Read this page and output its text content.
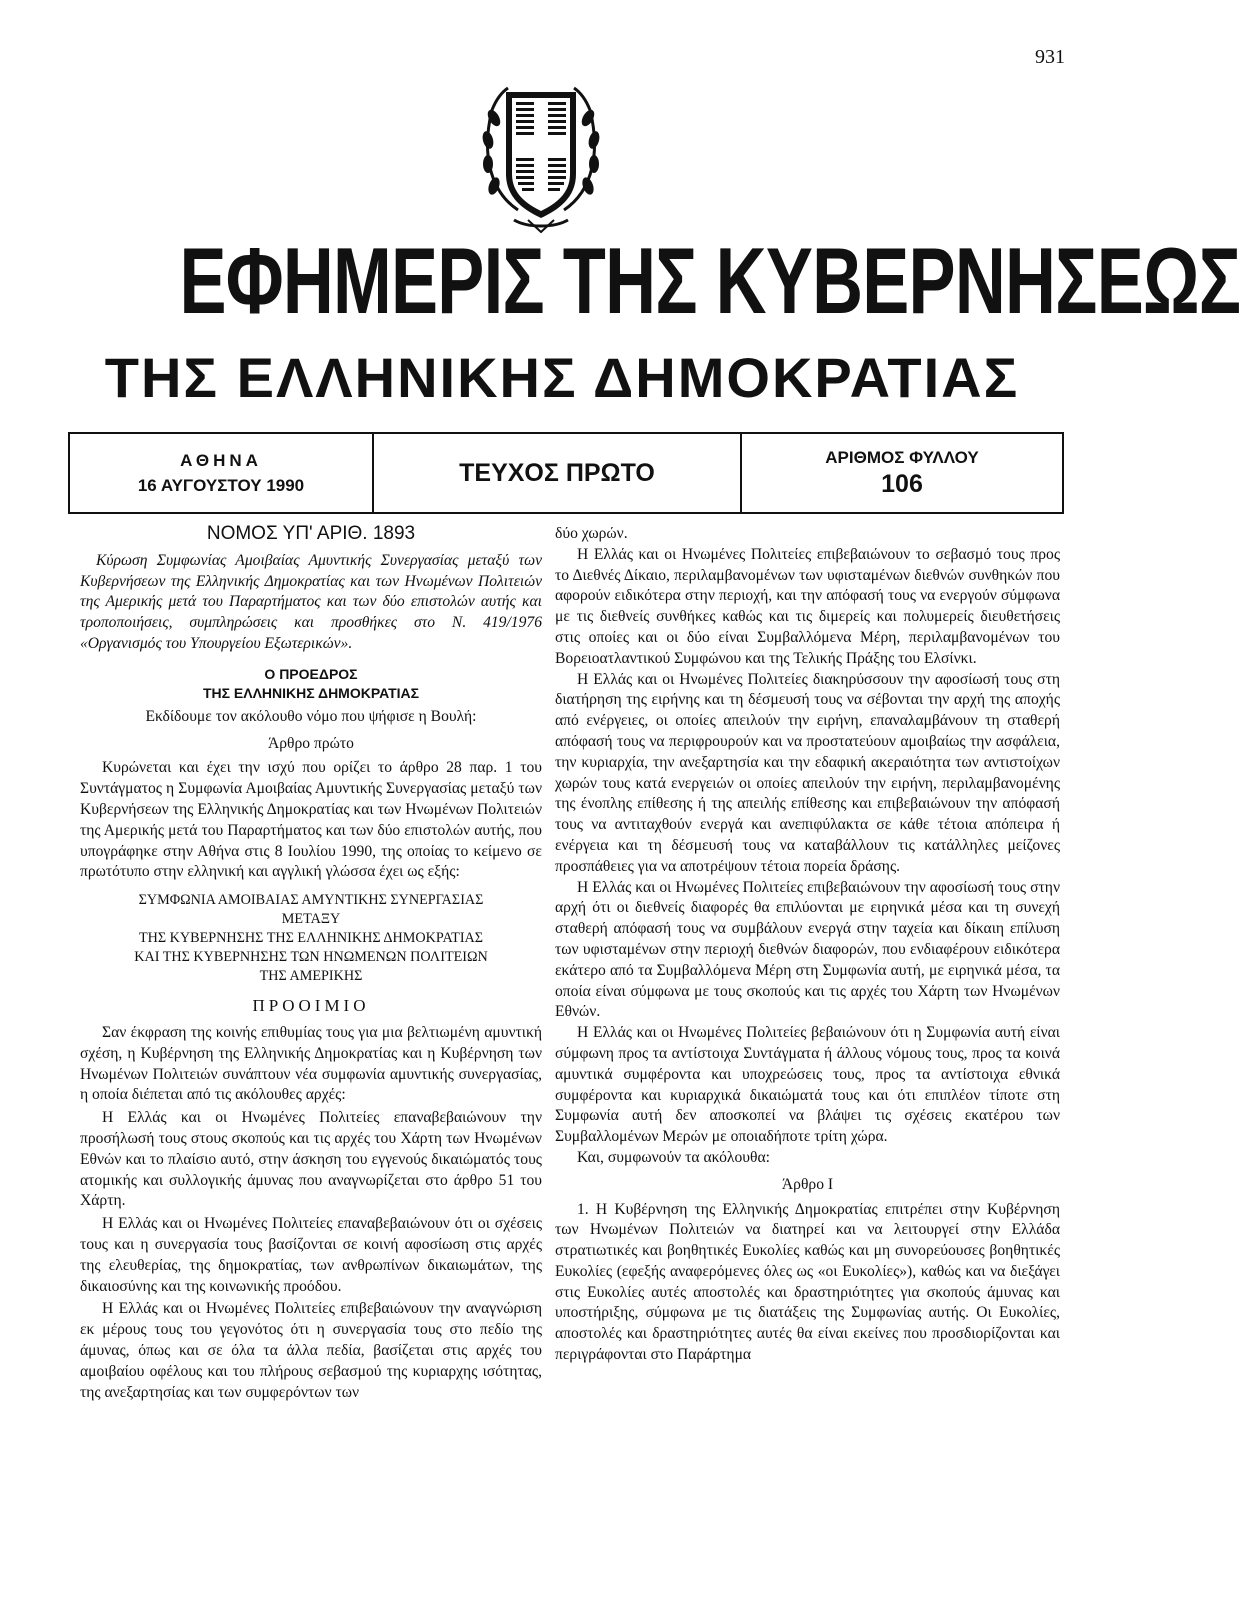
931
ΕΦΗΜΕΡΙΣ ΤΗΣ ΚΥΒΕΡΝΗΣΕΩΣ
ΤΗΣ ΕΛΛΗΝΙΚΗΣ ΔΗΜΟΚΡΑΤΙΑΣ
ΑΘΗΝΑ
16 ΑΥΓΟΥΣΤΟΥ 1990	ΤΕΥΧΟΣ ΠΡΩΤΟ
ΑΡΙΘΜΟΣ ΦΥΛΛΟΥ
106
ΝΟΜΟΣ ΥΠ' ΑΡΙΘ. 1893
Κύρωση Συμφωνίας Αμοιβαίας Αμυντικής Συνεργασίας μεταξύ των Κυβερνήσεων της Ελληνικής Δημοκρατίας και των Ηνωμένων Πολιτειών της Αμερικής μετά του Παραρτήματος και των δύο επιστολών αυτής και τροποποιήσεις, συμπληρώσεις και προσθήκες στο Ν. 419/1976 «Οργανισμός του Υπουργείου Εξωτερικών».
Ο ΠΡΟΕΔΡΟΣ
ΤΗΣ ΕΛΛΗΝΙΚΗΣ ΔΗΜΟΚΡΑΤΙΑΣ

Εκδίδουμε τον ακόλουθο νόμο που ψήφισε η Βουλή:

Άρθρο πρώτο

Κυρώνεται και έχει την ισχύ που ορίζει το άρθρο 28 παρ. 1 του Συντάγματος η Συμφωνία Αμοιβαίας Αμυντικής Συνεργασίας μεταξύ των Κυβερνήσεων της Ελληνικής Δημοκρατίας και των Ηνωμένων Πολιτειών της Αμερικής μετά του Παραρτήματος και των δύο επιστολών αυτής, που υπογράφηκε στην Αθήνα στις 8 Ιουλίου 1990, της οποίας το κείμενο σε πρωτότυπο στην ελληνική και αγγλική γλώσσα έχει ως εξής:

ΣΥΜΦΩΝΙΑ ΑΜΟΙΒΑΙΑΣ ΑΜΥΝΤΙΚΗΣ ΣΥΝΕΡΓΑΣΙΑΣ
ΜΕΤΑΞΥ
ΤΗΣ ΚΥΒΕΡΝΗΣΗΣ ΤΗΣ ΕΛΛΗΝΙΚΗΣ ΔΗΜΟΚΡΑΤΙΑΣ
ΚΑΙ ΤΗΣ ΚΥΒΕΡΝΗΣΗΣ ΤΩΝ ΗΝΩΜΕΝΩΝ ΠΟΛΙΤΕΙΩΝ
ΤΗΣ ΑΜΕΡΙΚΗΣ

ΠΡΟΟΙΜΙΟ

Σαν έκφραση της κοινής επιθυμίας τους για μια βελτιωμένη αμυντική σχέση, η Κυβέρνηση της Ελληνικής Δημοκρατίας και η Κυβέρνηση των Ηνωμένων Πολιτειών συνάπτουν νέα συμφωνία αμυντικής συνεργασίας, η οποία διέπεται από τις ακόλουθες αρχές:

Η Ελλάς και οι Ηνωμένες Πολιτείες επαναβεβαιώνουν την προσήλωσή τους στους σκοπούς και τις αρχές του Χάρτη των Ηνωμένων Εθνών και το πλαίσιο αυτό, στην άσκηση του εγγενούς δικαιώματός τους ατομικής και συλλογικής άμυνας που αναγνωρίζεται στο άρθρο 51 του Χάρτη.

Η Ελλάς και οι Ηνωμένες Πολιτείες επαναβεβαιώνουν ότι οι σχέσεις τους και η συνεργασία τους βασίζονται σε κοινή αφοσίωση στις αρχές της ελευθερίας, της δημοκρατίας, των ανθρωπίνων δικαιωμάτων, της δικαιοσύνης και της κοινωνικής προόδου.

Η Ελλάς και οι Ηνωμένες Πολιτείες επιβεβαιώνουν την αναγνώριση εκ μέρους τους του γεγονότος ότι η συνεργασία τους στο πεδίο της άμυνας, όπως και σε όλα τα άλλα πεδία, βασίζεται στις αρχές του αμοιβαίου οφέλους και του πλήρους σεβασμού της κυριαρχης ισότητας, της ανεξαρτησίας και των συμφερόντων των

δύο χωρών.

Η Ελλάς και οι Ηνωμένες Πολιτείες επιβεβαιώνουν το σεβασμό τους προς το Διεθνές Δίκαιο, περιλαμβανομένων των υφισταμένων διεθνών συνθηκών που αφορούν ειδικότερα στην περιοχή, και την απόφασή τους να ενεργούν σύμφωνα με τις διεθνείς συνθήκες καθώς και τις διμερείς και πολυμερείς διευθετήσεις στις οποίες και οι δύο είναι Συμβαλλόμενα Μέρη, περιλαμβανομένων του Βορειοατλαντικού Συμφώνου και της Τελικής Πράξης του Ελσίνκι.

Η Ελλάς και οι Ηνωμένες Πολιτείες διακηρύσσουν την αφοσίωσή τους στη διατήρηση της ειρήνης και τη δέσμευσή τους να σέβονται την αρχή της αποχής από ενέργειες, οι οποίες απειλούν την ειρήνη, επαναλαμβάνουν τη σταθερή απόφασή τους να περιφρουρούν και να προστατεύουν αμοιβαίως την ασφάλεια, την κυριαρχία, την ανεξαρτησία και την εδαφική ακεραιότητα των αντιστοίχων χωρών τους κατά ενεργειών οι οποίες απειλούν την ειρήνη, περιλαμβανομένης της ένοπλης επίθεσης ή της απειλής επίθεσης και επιβεβαιώνουν την απόφασή τους να αντιταχθούν ενεργά και ανεπιφύλακτα σε κάθε τέτοια απόπειρα ή ενέργεια και τη δέσμευσή τους να καταβάλλουν τις κατάλληλες μείζονες προσπάθειες για να αποτρέψουν τέτοια πορεία δράσης.

Η Ελλάς και οι Ηνωμένες Πολιτείες επιβεβαιώνουν την αφοσίωσή τους στην αρχή ότι οι διεθνείς διαφορές θα επιλύονται με ειρηνικά μέσα και τη συνεχή σταθερή απόφασή τους να συμβάλουν ενεργά στην ταχεία και δίκαιη επίλυση των υφισταμένων στην περιοχή διεθνών διαφορών, που ενδιαφέρουν ειδικότερα εκάτερο από τα Συμβαλλόμενα Μέρη στη Συμφωνία αυτή, με ειρηνικά μέσα, τα οποία είναι σύμφωνα με τους σκοπούς και τις αρχές του Χάρτη των Ηνωμένων Εθνών.

Η Ελλάς και οι Ηνωμένες Πολιτείες βεβαιώνουν ότι η Συμφωνία αυτή είναι σύμφωνη προς τα αντίστοιχα Συντάγματα ή άλλους νόμους τους, προς τα κοινά αμυντικά συμφέροντα και υποχρεώσεις τους, προς τα αντίστοιχα εθνικά συμφέροντα και κυριαρχικά δικαιώματά τους και ότι επιπλέον τίποτε στη Συμφωνία αυτή δεν αποσκοπεί να βλάψει τις σχέσεις εκατέρου των Συμβαλλομένων Μερών με οποιαδήποτε τρίτη χώρα.

Και, συμφωνούν τα ακόλουθα:

Άρθρο I

1. Η Κυβέρνηση της Ελληνικής Δημοκρατίας επιτρέπει στην Κυβέρνηση των Ηνωμένων Πολιτειών να διατηρεί και να λειτουργεί στην Ελλάδα στρατιωτικές και βοηθητικές Ευκολίες καθώς και μη συνορεύουσες βοηθητικές Ευκολίες (εφεξής αναφερόμενες όλες ως «οι Ευκολίες»), καθώς και να διεξάγει στις Ευκολίες αυτές αποστολές και δραστηριότητες για σκοπούς άμυνας και υποστήριξης, σύμφωνα με τις διατάξεις της Συμφωνίας αυτής. Οι Ευκολίες, αποστολές και δραστηριότητες αυτές θα είναι εκείνες που προσδιορίζονται και περιγράφονται στο Παράρτημα
